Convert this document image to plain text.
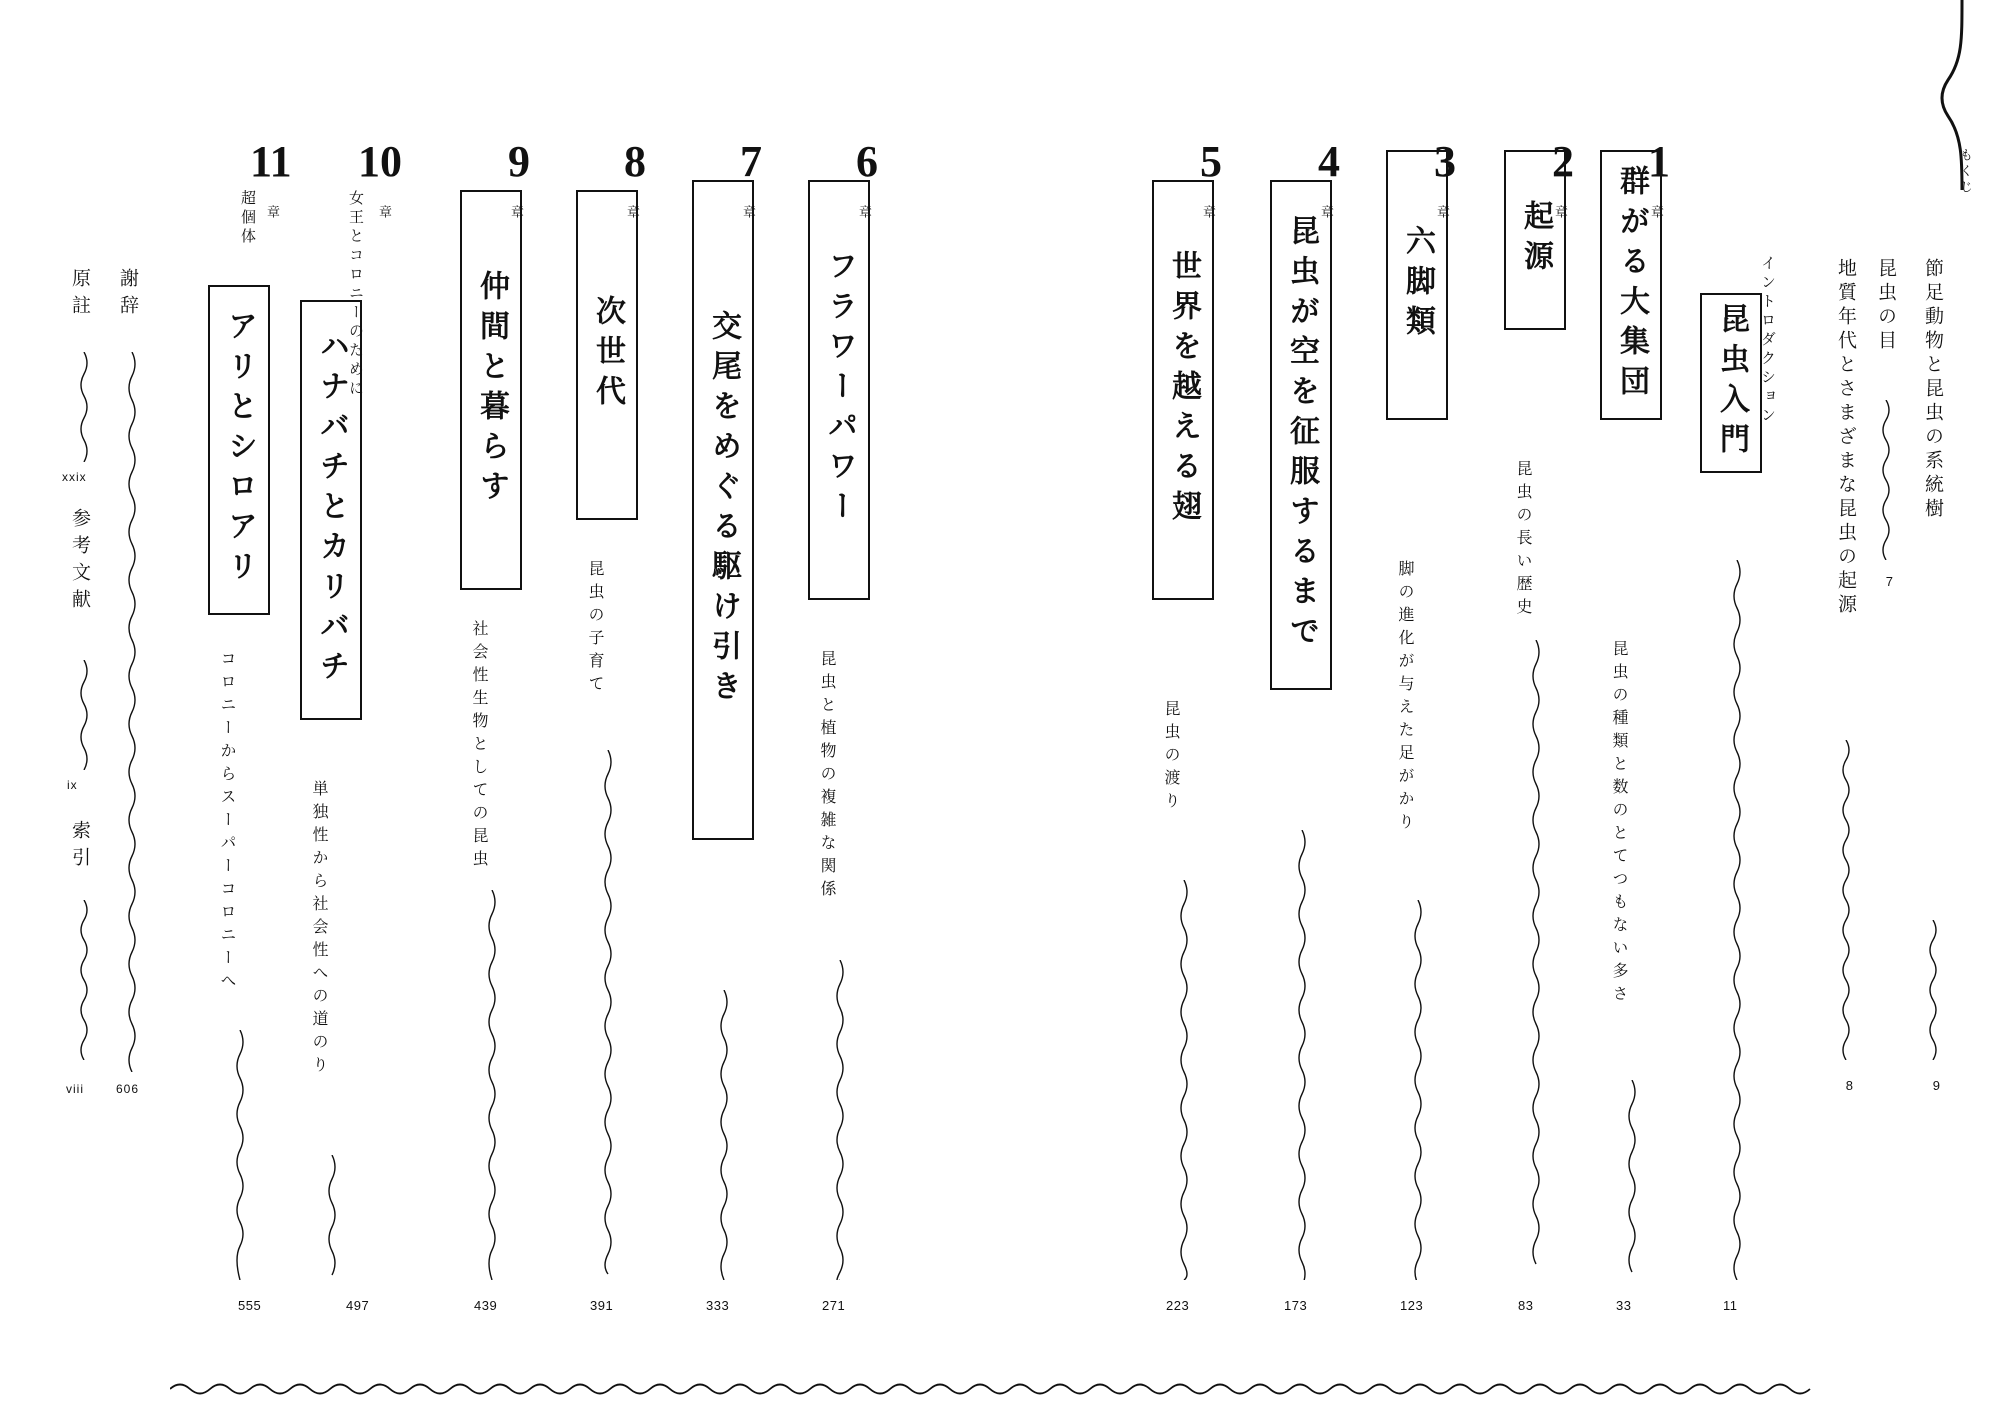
もくじ
昆虫の目
7
地質年代とさまざまな昆虫の起源
8
節足動物と昆虫の系統樹
9
イントロダクション
昆虫入門
11
1
章
群がる大集団
昆虫の種類と数のとてつもない多さ
33
2
章
起源
昆虫の長い歴史
83
3
章
六脚類
脚の進化が与えた足がかり
123
4
章
昆虫が空を征服するまで
173
5
章
世界を越える翅
昆虫の渡り
223
6
章
フラワーパワー
昆虫と植物の複雑な関係
271
7
章
交尾をめぐる駆け引き
333
8
章
次世代
昆虫の子育て
391
9
章
仲間と暮らす
社会性生物としての昆虫
439
10
章
女王とコロニーのために
ハナバチとカリバチ
単独性から社会性への道のり
497
11
章
超個体
アリとシロアリ
コロニーからスーパーコロニーへ
555
謝辞
606
原註
xxix
参考文献
ix
索引
viii
